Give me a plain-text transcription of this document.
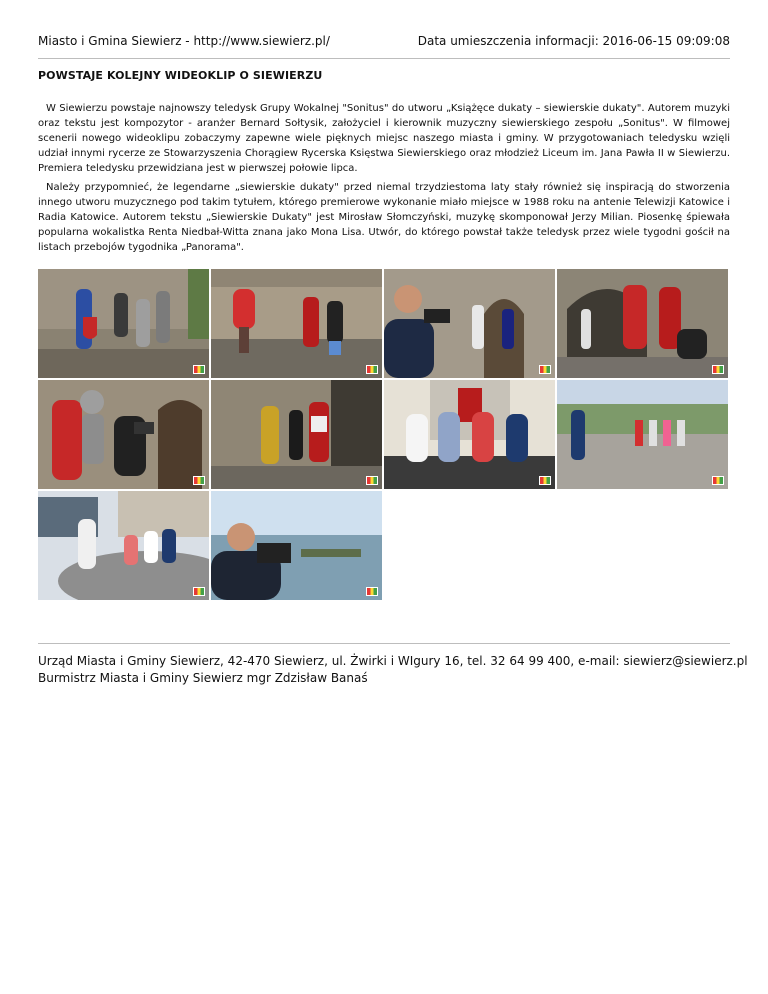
Miasto i Gmina Siewierz - http://www.siewierz.pl/	Data umieszczenia informacji: 2016-06-15 09:09:08
POWSTAJE KOLEJNY WIDEOKLIP O SIEWIERZU

W Siewierzu powstaje najnowszy teledysk Grupy Wokalnej "Sonitus" do utworu „Książęce dukaty – siewierskie dukaty". Autorem muzyki oraz tekstu jest kompozytor - aranżer Bernard Sołtysik, założyciel i kierownik muzyczny siewierskiego zespołu „Sonitus". W filmowej scenerii nowego wideoklipu zobaczymy zapewne wiele pięknych miejsc naszego miasta i gminy. W przygotowaniach teledysku wzięli udział innymi rycerze ze Stowarzyszenia Chorągiew Rycerska Księstwa Siewierskiego oraz młodzież Liceum im. Jana Pawła II w Siewierzu. Premiera teledysku przewidziana jest w pierwszej połowie lipca.

Należy przypomnieć, że legendarne „siewierskie dukaty" przed niemal trzydziestoma laty stały również się inspiracją do stworzenia innego utworu muzycznego pod takim tytułem, którego premierowe wykonanie miało miejsce w 1988 roku na antenie Telewizji Katowice i Radia Katowice. Autorem tekstu „Siewierskie Dukaty" jest Mirosław Słomczyński, muzykę skomponował Jerzy Milian. Piosenkę śpiewała popularna wokalistka Renta Niedbał-Witta znana jako Mona Lisa. Utwór, do którego powstał także teledysk przez wiele tygodni gościł na listach przebojów tygodnika „Panorama".

Urząd Miasta i Gminy Siewierz, 42-470 Siewierz, ul. Żwirki i WIgury 16, tel. 32 64 99 400, e-mail: siewierz@siewierz.pl
Burmistrz Miasta i Gminy Siewierz mgr Zdzisław Banaś
